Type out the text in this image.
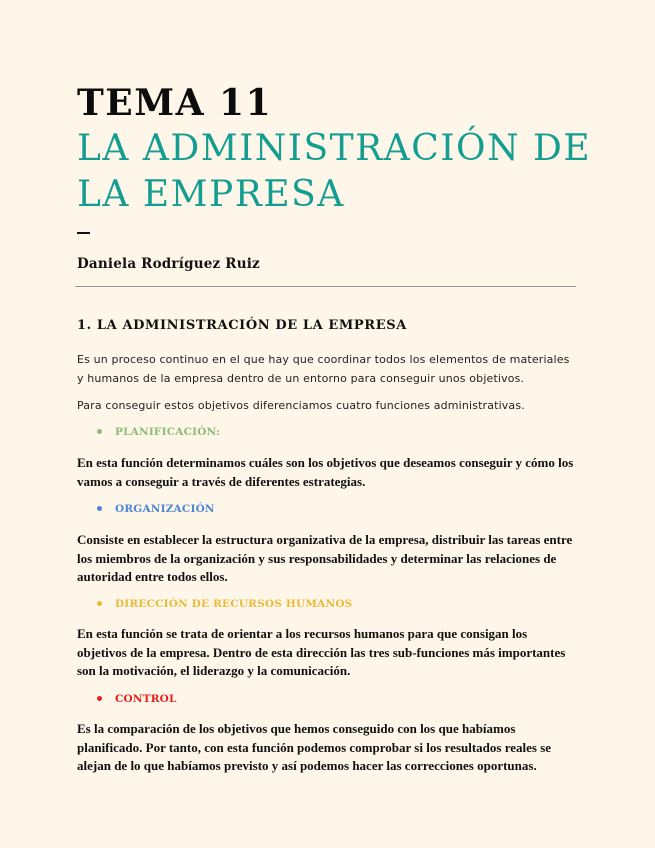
TEMA 11
LA ADMINISTRACIÓN DE
LA EMPRESA
Daniela Rodríguez Ruiz
1. LA ADMINISTRACIÓN DE LA EMPRESA
Es un proceso continuo en el que hay que coordinar todos los elementos de materiales y humanos de la empresa dentro de un entorno para conseguir unos objetivos.
Para conseguir estos objetivos diferenciamos cuatro funciones administrativas.
PLANIFICACIÓN:
En esta función determinamos cuáles son los objetivos que deseamos conseguir y cómo los vamos a conseguir a través de diferentes estrategias.
ORGANIZACIÓN
Consiste en establecer la estructura organizativa de la empresa, distribuir las tareas entre los miembros de la organización y sus responsabilidades y determinar las relaciones de autoridad entre todos ellos.
DIRECCIÓN DE RECURSOS HUMANOS
En esta función se trata de orientar a los recursos humanos para que consigan los objetivos de la empresa. Dentro de esta dirección las tres sub-funciones más importantes son la motivación, el liderazgo y la comunicación.
CONTROL
Es la comparación de los objetivos que hemos conseguido con los que habíamos planificado. Por tanto, con esta función podemos comprobar si los resultados reales se alejan de lo que habíamos previsto y así podemos hacer las correcciones oportunas.
